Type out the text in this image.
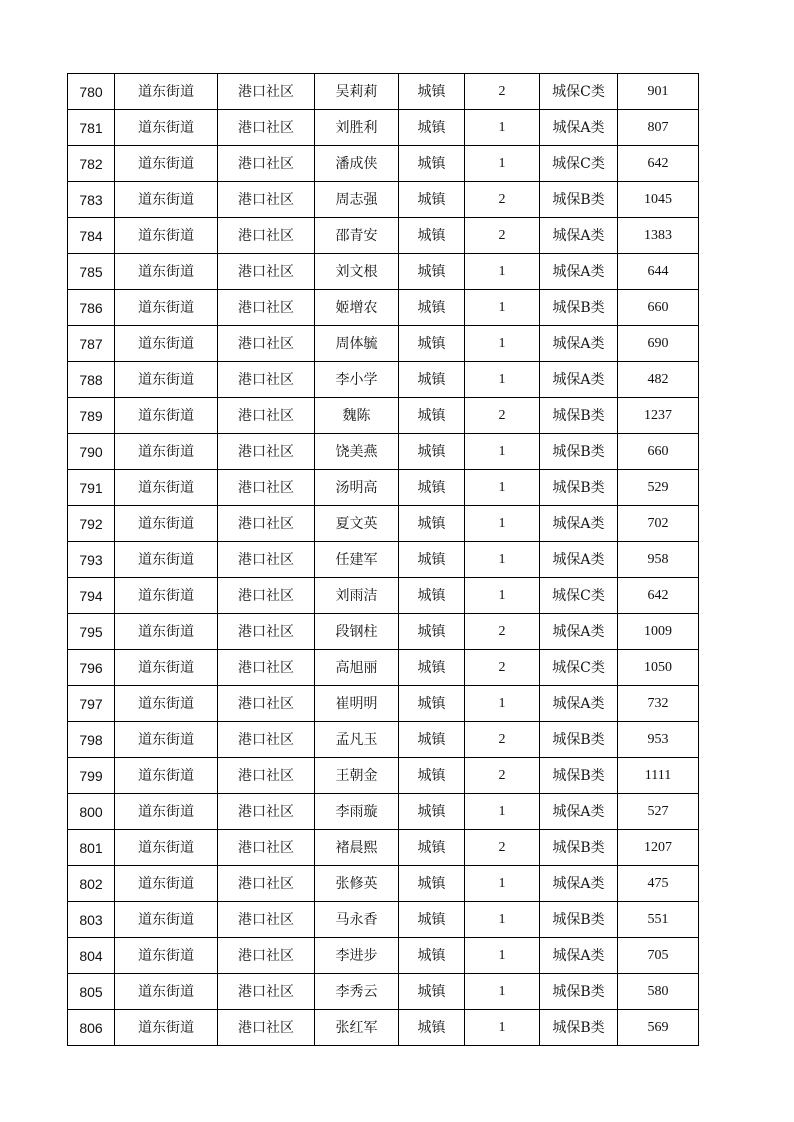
780	道东街道	港口社区	吴莉莉	城镇	2	城保C类	901
781	道东街道	港口社区	刘胜利	城镇	1	城保A类	807
782	道东街道	港口社区	潘成侠	城镇	1	城保C类	642
783	道东街道	港口社区	周志强	城镇	2	城保B类	1045
784	道东街道	港口社区	邵青安	城镇	2	城保A类	1383
785	道东街道	港口社区	刘文根	城镇	1	城保A类	644
786	道东街道	港口社区	姬增农	城镇	1	城保B类	660
787	道东街道	港口社区	周体毓	城镇	1	城保A类	690
788	道东街道	港口社区	李小学	城镇	1	城保A类	482
789	道东街道	港口社区	魏陈	城镇	2	城保B类	1237
790	道东街道	港口社区	饶美燕	城镇	1	城保B类	660
791	道东街道	港口社区	汤明高	城镇	1	城保B类	529
792	道东街道	港口社区	夏文英	城镇	1	城保A类	702
793	道东街道	港口社区	任建军	城镇	1	城保A类	958
794	道东街道	港口社区	刘雨洁	城镇	1	城保C类	642
795	道东街道	港口社区	段钢柱	城镇	2	城保A类	1009
796	道东街道	港口社区	高旭丽	城镇	2	城保C类	1050
797	道东街道	港口社区	崔明明	城镇	1	城保A类	732
798	道东街道	港口社区	孟凡玉	城镇	2	城保B类	953
799	道东街道	港口社区	王朝金	城镇	2	城保B类	1111
800	道东街道	港口社区	李雨璇	城镇	1	城保A类	527
801	道东街道	港口社区	褚晨熙	城镇	2	城保B类	1207
802	道东街道	港口社区	张修英	城镇	1	城保A类	475
803	道东街道	港口社区	马永香	城镇	1	城保B类	551
804	道东街道	港口社区	李进步	城镇	1	城保A类	705
805	道东街道	港口社区	李秀云	城镇	1	城保B类	580
806	道东街道	港口社区	张红军	城镇	1	城保B类	569
